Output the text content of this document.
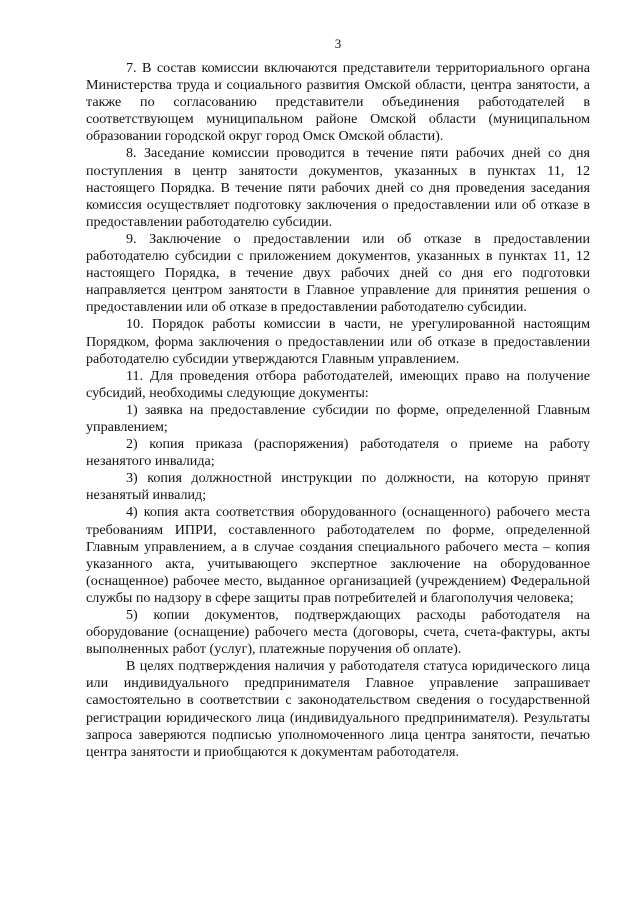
3

7. В состав комиссии включаются представители территориального органа Министерства труда и социального развития Омской области, центра занятости, а также по согласованию представители объединения работодателей в соответствующем муниципальном районе Омской области (муниципальном образовании городской округ город Омск Омской области).

8. Заседание комиссии проводится в течение пяти рабочих дней со дня поступления в центр занятости документов, указанных в пунктах 11, 12 настоящего Порядка. В течение пяти рабочих дней со дня проведения заседания комиссия осуществляет подготовку заключения о предоставлении или об отказе в предоставлении работодателю субсидии.

9. Заключение о предоставлении или об отказе в предоставлении работодателю субсидии с приложением документов, указанных в пунктах 11, 12 настоящего Порядка, в течение двух рабочих дней со дня его подготовки направляется центром занятости в Главное управление для принятия решения о предоставлении или об отказе в предоставлении работодателю субсидии.

10. Порядок работы комиссии в части, не урегулированной настоящим Порядком, форма заключения о предоставлении или об отказе в предоставлении работодателю субсидии утверждаются Главным управлением.

11. Для проведения отбора работодателей, имеющих право на получение субсидий, необходимы следующие документы:

1) заявка на предоставление субсидии по форме, определенной Главным управлением;

2) копия приказа (распоряжения) работодателя о приеме на работу незанятого инвалида;

3) копия должностной инструкции по должности, на которую принят незанятый инвалид;

4) копия акта соответствия оборудованного (оснащенного) рабочего места требованиям ИПРИ, составленного работодателем по форме, определенной Главным управлением, а в случае создания специального рабочего места – копия указанного акта, учитывающего экспертное заключение на оборудованное (оснащенное) рабочее место, выданное организацией (учреждением) Федеральной службы по надзору в сфере защиты прав потребителей и благополучия человека;

5) копии документов, подтверждающих расходы работодателя на оборудование (оснащение) рабочего места (договоры, счета, счета-фактуры, акты выполненных работ (услуг), платежные поручения об оплате).

В целях подтверждения наличия у работодателя статуса юридического лица или индивидуального предпринимателя Главное управление запрашивает самостоятельно в соответствии с законодательством сведения о государственной регистрации юридического лица (индивидуального предпринимателя). Результаты запроса заверяются подписью уполномоченного лица центра занятости, печатью центра занятости и приобщаются к документам работодателя.
